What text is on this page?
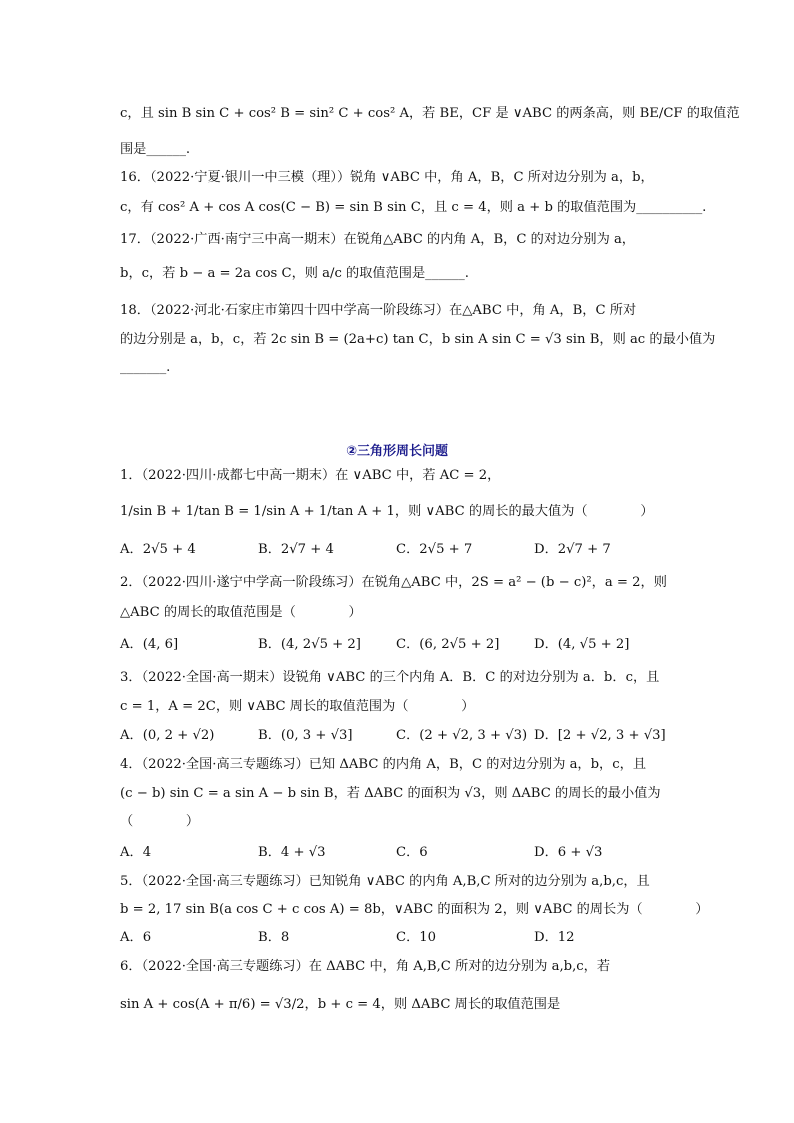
c，且 sin B sin C + cos² B = sin² C + cos² A，若 BE，CF 是 ∨ABC 的两条高，则 BE/CF 的取值范
围是______.
16．（2022·宁夏·银川一中三模（理））锐角 ∨ABC 中，角 A，B，C 所对边分别为 a，b，
c，有 cos² A + cos A cos(C − B) = sin B sin C，且 c = 4，则 a + b 的取值范围为__________.
17．（2022·广西·南宁三中高一期末）在锐角△ABC 的内角 A，B，C 的对边分别为 a，
b，c，若 b − a = 2a cos C，则 a/c 的取值范围是______.
18．（2022·河北·石家庄市第四十四中学高一阶段练习）在△ABC 中，角 A，B，C 所对
的边分别是 a，b，c，若 2c sin B = (2a+c) tan C，b sin A sin C = √3 sin B，则 ac 的最小值为
_______.
②三角形周长问题
1．（2022·四川·成都七中高一期末）在 ∨ABC 中，若 AC = 2，
1/sin B + 1/tan B = 1/sin A + 1/tan A + 1，则 ∨ABC 的周长的最大值为（　　　　）
A．2√5 + 4	B．2√7 + 4	C．2√5 + 7	D．2√7 + 7
2．（2022·四川·遂宁中学高一阶段练习）在锐角△ABC 中，2S = a² − (b − c)²，a = 2，则
△ABC 的周长的取值范围是（　　　　）
A．(4, 6]	B．(4, 2√5 + 2]	C．(6, 2√5 + 2]	D．(4, √5 + 2]
3．（2022·全国·高一期末）设锐角 ∨ABC 的三个内角 A．B．C 的对边分别为 a．b．c，且
c = 1，A = 2C，则 ∨ABC 周长的取值范围为（　　　　）
A．(0, 2 + √2)	B．(0, 3 + √3]	C．(2 + √2, 3 + √3) D．[2 + √2, 3 + √3]
4．（2022·全国·高三专题练习）已知 ΔABC 的内角 A，B，C 的对边分别为 a，b，c，且
(c − b) sin C = a sin A − b sin B，若 ΔABC 的面积为 √3，则 ΔABC 的周长的最小值为
（　　　　）
A．4	B．4 + √3	C．6	D．6 + √3
5．（2022·全国·高三专题练习）已知锐角 ∨ABC 的内角 A,B,C 所对的边分别为 a,b,c，且
b = 2, 17 sin B(a cos C + c cos A) = 8b，∨ABC 的面积为 2，则 ∨ABC 的周长为（　　　　）
A．6	B．8	C．10	D．12
6．（2022·全国·高三专题练习）在 ΔABC 中，角 A,B,C 所对的边分别为 a,b,c，若
sin A + cos(A + π/6) = √3/2，b + c = 4，则 ΔABC 周长的取值范围是
